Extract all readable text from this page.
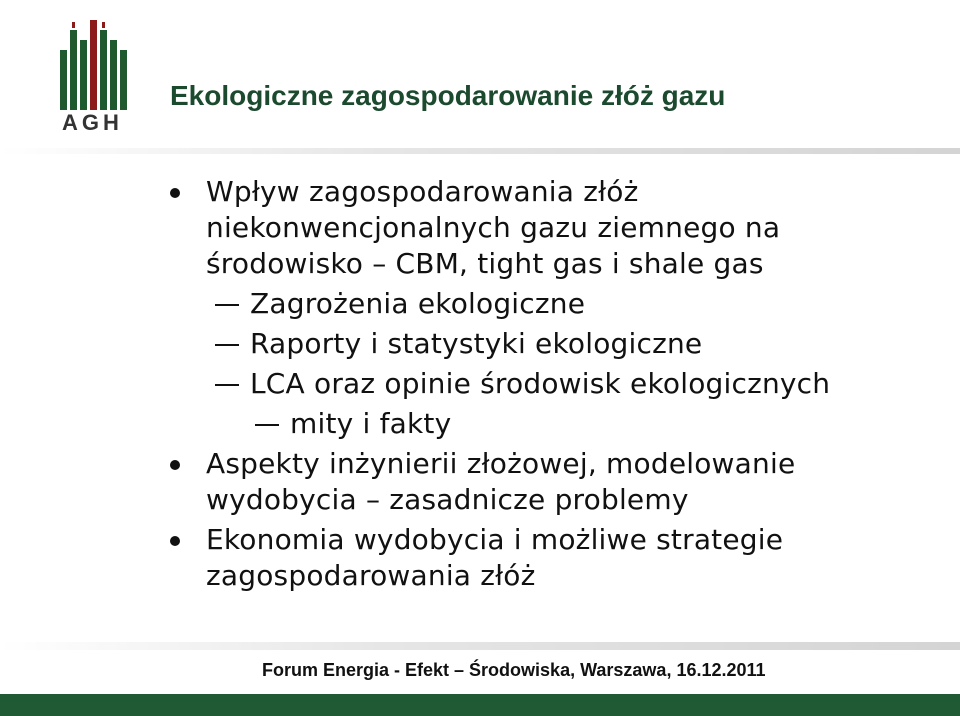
AGH
Ekologiczne zagospodarowanie złóż gazu
Wpływ zagospodarowania złóż
niekonwencjonalnych gazu ziemnego na
środowisko – CBM, tight gas i shale gas
Zagrożenia ekologiczne
Raporty i statystyki ekologiczne
LCA oraz opinie środowisk ekologicznych
mity i fakty
Aspekty inżynierii złożowej, modelowanie
wydobycia – zasadnicze problemy
Ekonomia wydobycia i możliwe strategie
zagospodarowania złóż

Forum Energia - Efekt – Środowiska, Warszawa, 16.12.2011
